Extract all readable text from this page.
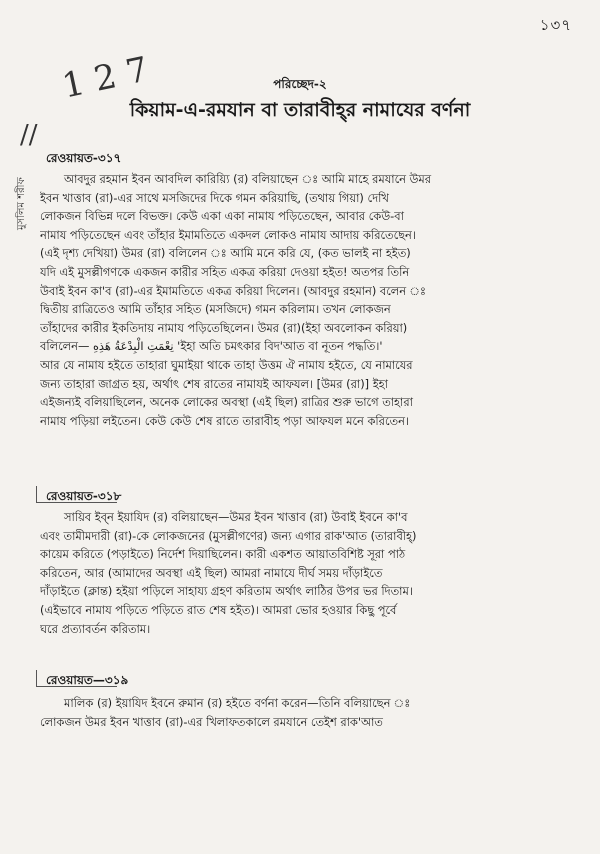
১৩৭
1 2 7
//
মুসলিম শরীফ
পরিচ্ছেদ-২
কিয়াম-এ-রমযান বা তারাবীহ্‌র নামাযের বর্ণনা
রেওয়ায়ত-৩১৭

আবদুর রহমান ইবন আবদিল কারিয়্যি (র) বলিয়াছেন ঃ আমি মাহে রমযানে উমর

ইবন খাত্তাব (রা)-এর সাথে মসজিদের দিকে গমন করিয়াছি, (তথায় গিয়া) দেখি

লোকজন বিভিন্ন দলে বিভক্ত। কেউ একা একা নামায পড়িতেছেন, আবার কেউ-বা

নামায পড়িতেছেন এবং তাঁহার ইমামতিতে একদল লোকও নামায আদায় করিতেছেন।

(এই দৃশ্য দেখিয়া) উমর (রা) বলিলেন ঃ আমি মনে করি যে, (কত ভালই না হইত)

যদি এই মুসল্লীগণকে একজন কারীর সহিত একত্র করিয়া দেওয়া হইত! অতপর তিনি

উবাই ইবন কা'ব (রা)-এর ইমামতিতে একত্র করিয়া দিলেন। (আবদুর রহমান) বলেন ঃ

দ্বিতীয় রাত্রিতেও আমি তাঁহার সহিত (মসজিদে) গমন করিলাম। তখন লোকজন

তাঁহাদের কারীর ইকতিদায় নামায পড়িতেছিলেন। উমর (রা)(ইহা অবলোকন করিয়া)

বলিলেন— نِعْمَتِ الْبِدْعَةُ هَذِهِ 'ইহা অতি চমৎকার বিদ'আত বা নূতন পদ্ধতি।'

আর যে নামায হইতে তাহারা ঘুমাইয়া থাকে তাহা উত্তম ঐ নামায হইতে, যে নামাযের

জন্য তাহারা জাগ্রত হয়, অর্থাৎ শেষ রাতের নামাযই আফযল। [উমর (রা)] ইহা

এইজন্যই বলিয়াছিলেন, অনেক লোকের অবস্থা (এই ছিল) রাত্রির শুরু ভাগে তাহারা

নামায পড়িয়া লইতেন। কেউ কেউ শেষ রাতে তারাবীহ পড়া আফযল মনে করিতেন।

রেওয়ায়ত-৩১৮

সায়িব ইব্‌ন ইয়াযিদ (র) বলিয়াছেন—উমর ইবন খাত্তাব (রা) উবাই ইবনে কা'ব

এবং তামীমদারী (রা)-কে লোকজনের (মুসল্লীগণের) জন্য এগার রাক'আত (তারাবীহ্‌)

কায়েম করিতে (পড়াইতে) নির্দেশ দিয়াছিলেন। কারী একশত আয়াতবিশিষ্ট সূরা পাঠ

করিতেন, আর (আমাদের অবস্থা এই ছিল) আমরা নামাযে দীর্ঘ সময় দাঁড়াইতে

দাঁড়াইতে (ক্লান্ত) হইয়া পড়িলে সাহায্য গ্রহণ করিতাম অর্থাৎ লাঠির উপর ভর দিতাম।

(এইভাবে নামায পড়িতে পড়িতে রাত শেষ হইত)। আমরা ভোর হওয়ার কিছু পূর্বে

ঘরে প্রত্যাবর্তন করিতাম।

রেওয়ায়ত—৩১৯

মালিক (র) ইয়াযিদ ইবনে রুমান (র) হইতে বর্ণনা করেন—তিনি বলিয়াছেন ঃ

লোকজন উমর ইবন খাত্তাব (রা)-এর খিলাফতকালে রমযানে তেইশ রাক'আত
